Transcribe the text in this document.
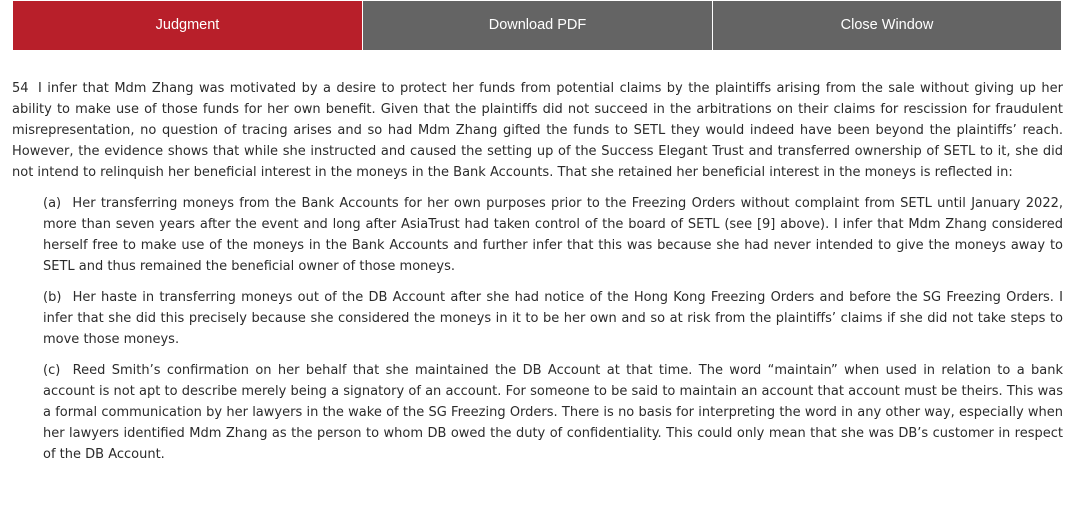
Judgment	Download PDF	Close Window

54 I infer that Mdm Zhang was motivated by a desire to protect her funds from potential claims by the plaintiffs arising from the sale without giving up her ability to make use of those funds for her own benefit. Given that the plaintiffs did not succeed in the arbitrations on their claims for rescission for fraudulent misrepresentation, no question of tracing arises and so had Mdm Zhang gifted the funds to SETL they would indeed have been beyond the plaintiffs’ reach. However, the evidence shows that while she instructed and caused the setting up of the Success Elegant Trust and transferred ownership of SETL to it, she did not intend to relinquish her beneficial interest in the moneys in the Bank Accounts. That she retained her beneficial interest in the moneys is reflected in:

(a) Her transferring moneys from the Bank Accounts for her own purposes prior to the Freezing Orders without complaint from SETL until January 2022, more than seven years after the event and long after AsiaTrust had taken control of the board of SETL (see [9] above). I infer that Mdm Zhang considered herself free to make use of the moneys in the Bank Accounts and further infer that this was because she had never intended to give the moneys away to SETL and thus remained the beneficial owner of those moneys.

(b) Her haste in transferring moneys out of the DB Account after she had notice of the Hong Kong Freezing Orders and before the SG Freezing Orders. I infer that she did this precisely because she considered the moneys in it to be her own and so at risk from the plaintiffs’ claims if she did not take steps to move those moneys.

(c) Reed Smith’s confirmation on her behalf that she maintained the DB Account at that time. The word “maintain” when used in relation to a bank account is not apt to describe merely being a signatory of an account. For someone to be said to maintain an account that account must be theirs. This was a formal communication by her lawyers in the wake of the SG Freezing Orders. There is no basis for interpreting the word in any other way, especially when her lawyers identified Mdm Zhang as the person to whom DB owed the duty of confidentiality. This could only mean that she was DB’s customer in respect of the DB Account.
